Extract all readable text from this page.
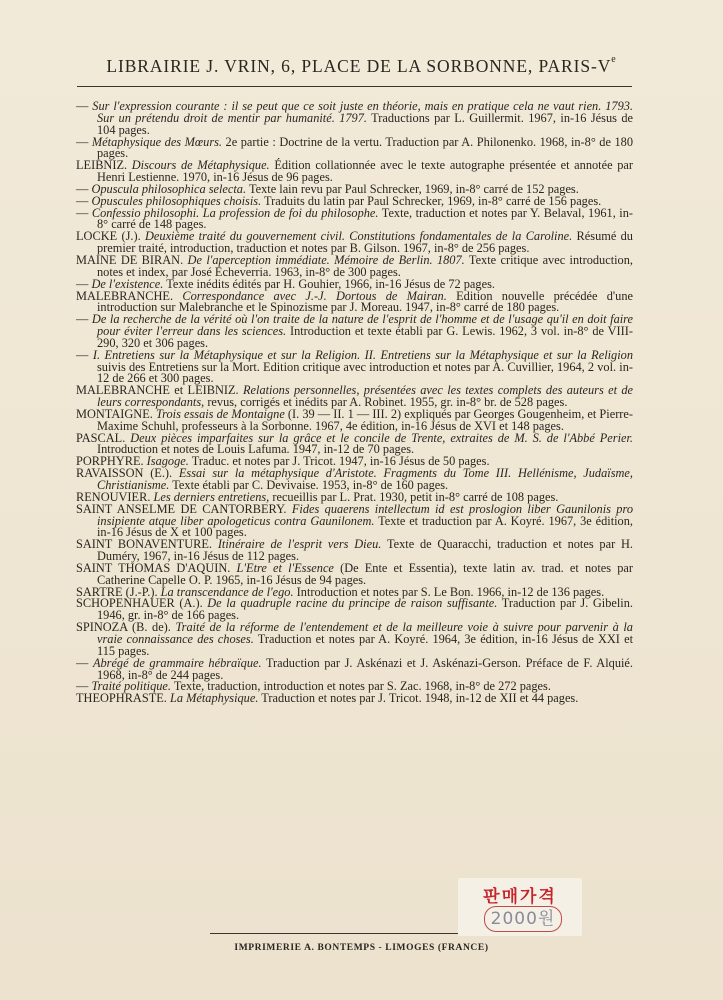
LIBRAIRIE J. VRIN, 6, PLACE DE LA SORBONNE, PARIS-Ve

— Sur l'expression courante : il se peut que ce soit juste en théorie, mais en pratique cela ne vaut rien. 1793. Sur un prétendu droit de mentir par humanité. 1797. Traductions par L. Guillermit. 1967, in-16 Jésus de 104 pages.

— Métaphysique des Mœurs. 2e partie : Doctrine de la vertu. Traduction par A. Philonenko. 1968, in-8° de 180 pages.

LEIBNIZ. Discours de Métaphysique. Édition collationnée avec le texte autographe présentée et annotée par Henri Lestienne. 1970, in-16 Jésus de 96 pages.

— Opuscula philosophica selecta. Texte lain revu par Paul Schrecker, 1969, in-8° carré de 152 pages.

— Opuscules philosophiques choisis. Traduits du latin par Paul Schrecker, 1969, in-8° carré de 156 pages.

— Confessio philosophi. La profession de foi du philosophe. Texte, traduction et notes par Y. Belaval, 1961, in-8° carré de 148 pages.

LOCKE (J.). Deuxième traité du gouvernement civil. Constitutions fondamentales de la Caroline. Résumé du premier traité, introduction, traduction et notes par B. Gilson. 1967, in-8° de 256 pages.

MAINE DE BIRAN. De l'aperception immédiate. Mémoire de Berlin. 1807. Texte critique avec introduction, notes et index, par José Echeverria. 1963, in-8° de 300 pages.

— De l'existence. Texte inédits édités par H. Gouhier, 1966, in-16 Jésus de 72 pages.

MALEBRANCHE. Correspondance avec J.-J. Dortous de Mairan. Edition nouvelle précédée d'une introduction sur Malebranche et le Spinozisme par J. Moreau. 1947, in-8° carré de 180 pages.

— De la recherche de la vérité où l'on traite de la nature de l'esprit de l'homme et de l'usage qu'il en doit faire pour éviter l'erreur dans les sciences. Introduction et texte établi par G. Lewis. 1962, 3 vol. in-8° de VIII-290, 320 et 306 pages.

— I. Entretiens sur la Métaphysique et sur la Religion. II. Entretiens sur la Métaphysique et sur la Religion suivis des Entretiens sur la Mort. Edition critique avec introduction et notes par A. Cuvillier, 1964, 2 vol. in-12 de 266 et 300 pages.

MALEBRANCHE et LEIBNIZ. Relations personnelles, présentées avec les textes complets des auteurs et de leurs correspondants, revus, corrigés et inédits par A. Robinet. 1955, gr. in-8° br. de 528 pages.

MONTAIGNE. Trois essais de Montaigne (I. 39 — II. 1 — III. 2) expliqués par Georges Gougenheim, et Pierre-Maxime Schuhl, professeurs à la Sorbonne. 1967, 4e édition, in-16 Jésus de XVI et 148 pages.

PASCAL. Deux pièces imparfaites sur la grâce et le concile de Trente, extraites de M. S. de l'Abbé Perier. Introduction et notes de Louis Lafuma. 1947, in-12 de 70 pages.

PORPHYRE. Isagoge. Traduc. et notes par J. Tricot. 1947, in-16 Jésus de 50 pages.

RAVAISSON (E.). Essai sur la métaphysique d'Aristote. Fragments du Tome III. Hellénisme, Judaïsme, Christianisme. Texte établi par C. Devivaise. 1953, in-8° de 160 pages.

RENOUVIER. Les derniers entretiens, recueillis par L. Prat. 1930, petit in-8° carré de 108 pages.

SAINT ANSELME DE CANTORBERY. Fides quaerens intellectum id est proslogion liber Gaunilonis pro insipiente atque liber apologeticus contra Gaunilonem. Texte et traduction par A. Koyré. 1967, 3e édition, in-16 Jésus de X et 100 pages.

SAINT BONAVENTURE. Itinéraire de l'esprit vers Dieu. Texte de Quaracchi, traduction et notes par H. Duméry, 1967, in-16 Jésus de 112 pages.

SAINT THOMAS D'AQUIN. L'Etre et l'Essence (De Ente et Essentia), texte latin av. trad. et notes par Catherine Capelle O. P. 1965, in-16 Jésus de 94 pages.

SARTRE (J.-P.). La transcendance de l'ego. Introduction et notes par S. Le Bon. 1966, in-12 de 136 pages.

SCHOPENHAUER (A.). De la quadruple racine du principe de raison suffisante. Traduction par J. Gibelin. 1946, gr. in-8° de 166 pages.

SPINOZA (B. de). Traité de la réforme de l'entendement et de la meilleure voie à suivre pour parvenir à la vraie connaissance des choses. Traduction et notes par A. Koyré. 1964, 3e édition, in-16 Jésus de XXI et 115 pages.

— Abrégé de grammaire hébraïque. Traduction par J. Askénazi et J. Askénazi-Gerson. Préface de F. Alquié. 1968, in-8° de 244 pages.

— Traité politique. Texte, traduction, introduction et notes par S. Zac. 1968, in-8° de 272 pages.

THEOPHRASTE. La Métaphysique. Traduction et notes par J. Tricot. 1948, in-12 de XII et 44 pages.

IMPRIMERIE A. BONTEMPS - LIMOGES (FRANCE)
판매가격
2000원
